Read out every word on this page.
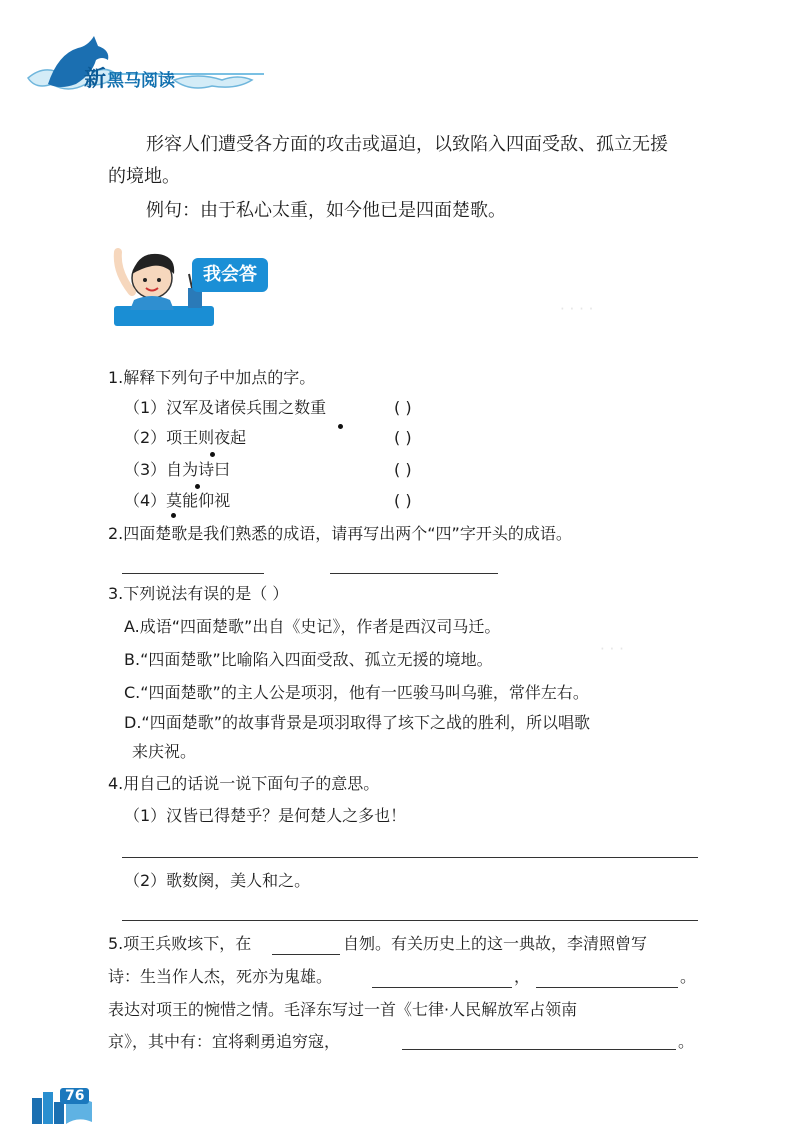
· · · ·
· · ·
新黑马阅读
形容人们遭受各方面的攻击或逼迫，以致陷入四面受敌、孤立无援
的境地。
例句：由于私心太重，如今他已是四面楚歌。
我会答
1.解释下列句子中加点的字。
（1）汉军及诸侯兵围之数重	( )
（2）项王则夜起	( )
（3）自为诗曰	( )
（4）莫能仰视	( )
2.四面楚歌是我们熟悉的成语，请再写出两个“四”字开头的成语。
3.下列说法有误的是（ ）
A.成语“四面楚歌”出自《史记》，作者是西汉司马迁。
B.“四面楚歌”比喻陷入四面受敌、孤立无援的境地。
C.“四面楚歌”的主人公是项羽，他有一匹骏马叫乌骓，常伴左右。
D.“四面楚歌”的故事背景是项羽取得了垓下之战的胜利，所以唱歌
来庆祝。
4.用自己的话说一说下面句子的意思。
（1）汉皆已得楚乎？是何楚人之多也！
（2）歌数阕，美人和之。
5.项王兵败垓下，在	自刎。有关历史上的这一典故，李清照曾写
诗：生当作人杰，死亦为鬼雄。	，	。
表达对项王的惋惜之情。毛泽东写过一首《七律·人民解放军占领南
京》，其中有：宜将剩勇追穷寇，	。
76
